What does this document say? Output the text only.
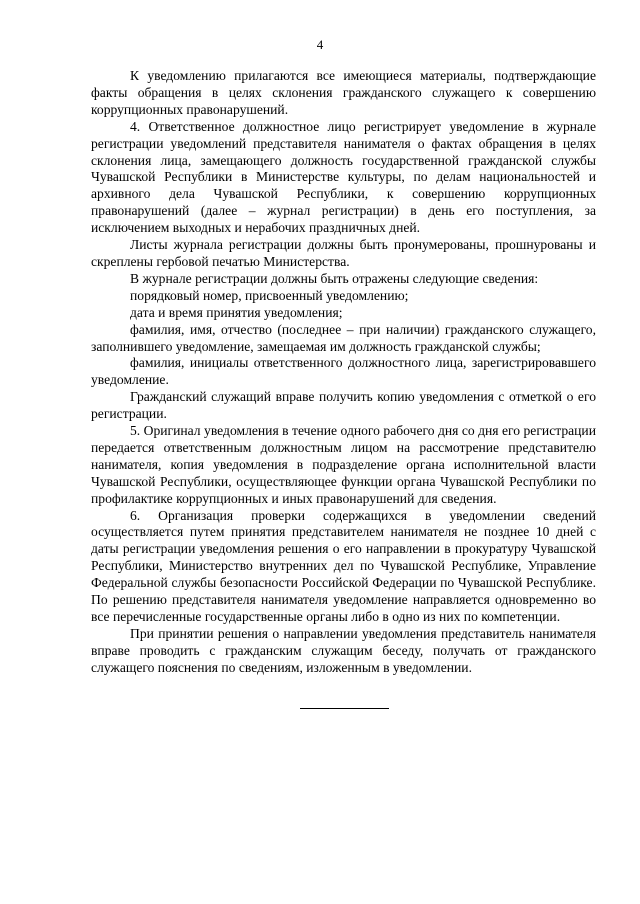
4

К уведомлению прилагаются все имеющиеся материалы, подтверждающие факты обращения в целях склонения гражданского служащего к совершению коррупционных правонарушений.

4. Ответственное должностное лицо регистрирует уведомление в журнале регистрации уведомлений представителя нанимателя о фактах обращения в целях склонения лица, замещающего должность государственной гражданской службы Чувашской Республики в Министерстве культуры, по делам национальностей и архивного дела Чувашской Республики, к совершению коррупционных правонарушений (далее – журнал регистрации) в день его поступления, за исключением выходных и нерабочих праздничных дней.

Листы журнала регистрации должны быть пронумерованы, прошнурованы и скреплены гербовой печатью Министерства.

В журнале регистрации должны быть отражены следующие сведения:

порядковый номер, присвоенный уведомлению;

дата и время принятия уведомления;

фамилия, имя, отчество (последнее – при наличии) гражданского служащего, заполнившего уведомление, замещаемая им должность гражданской службы;

фамилия, инициалы ответственного должностного лица, зарегистрировавшего уведомление.

Гражданский служащий вправе получить копию уведомления с отметкой о его регистрации.

5. Оригинал уведомления в течение одного рабочего дня со дня его регистрации передается ответственным должностным лицом на рассмотрение представителю нанимателя, копия уведомления в подразделение органа исполнительной власти Чувашской Республики, осуществляющее функции органа Чувашской Республики по профилактике коррупционных и иных правонарушений для сведения.

6. Организация проверки содержащихся в уведомлении сведений осуществляется путем принятия представителем нанимателя не позднее 10 дней с даты регистрации уведомления решения о его направлении в прокуратуру Чувашской Республики, Министерство внутренних дел по Чувашской Республике, Управление Федеральной службы безопасности Российской Федерации по Чувашской Республике. По решению представителя нанимателя уведомление направляется одновременно во все перечисленные государственные органы либо в одно из них по компетенции.

При принятии решения о направлении уведомления представитель нанимателя вправе проводить с гражданским служащим беседу, получать от гражданского служащего пояснения по сведениям, изложенным в уведомлении.
